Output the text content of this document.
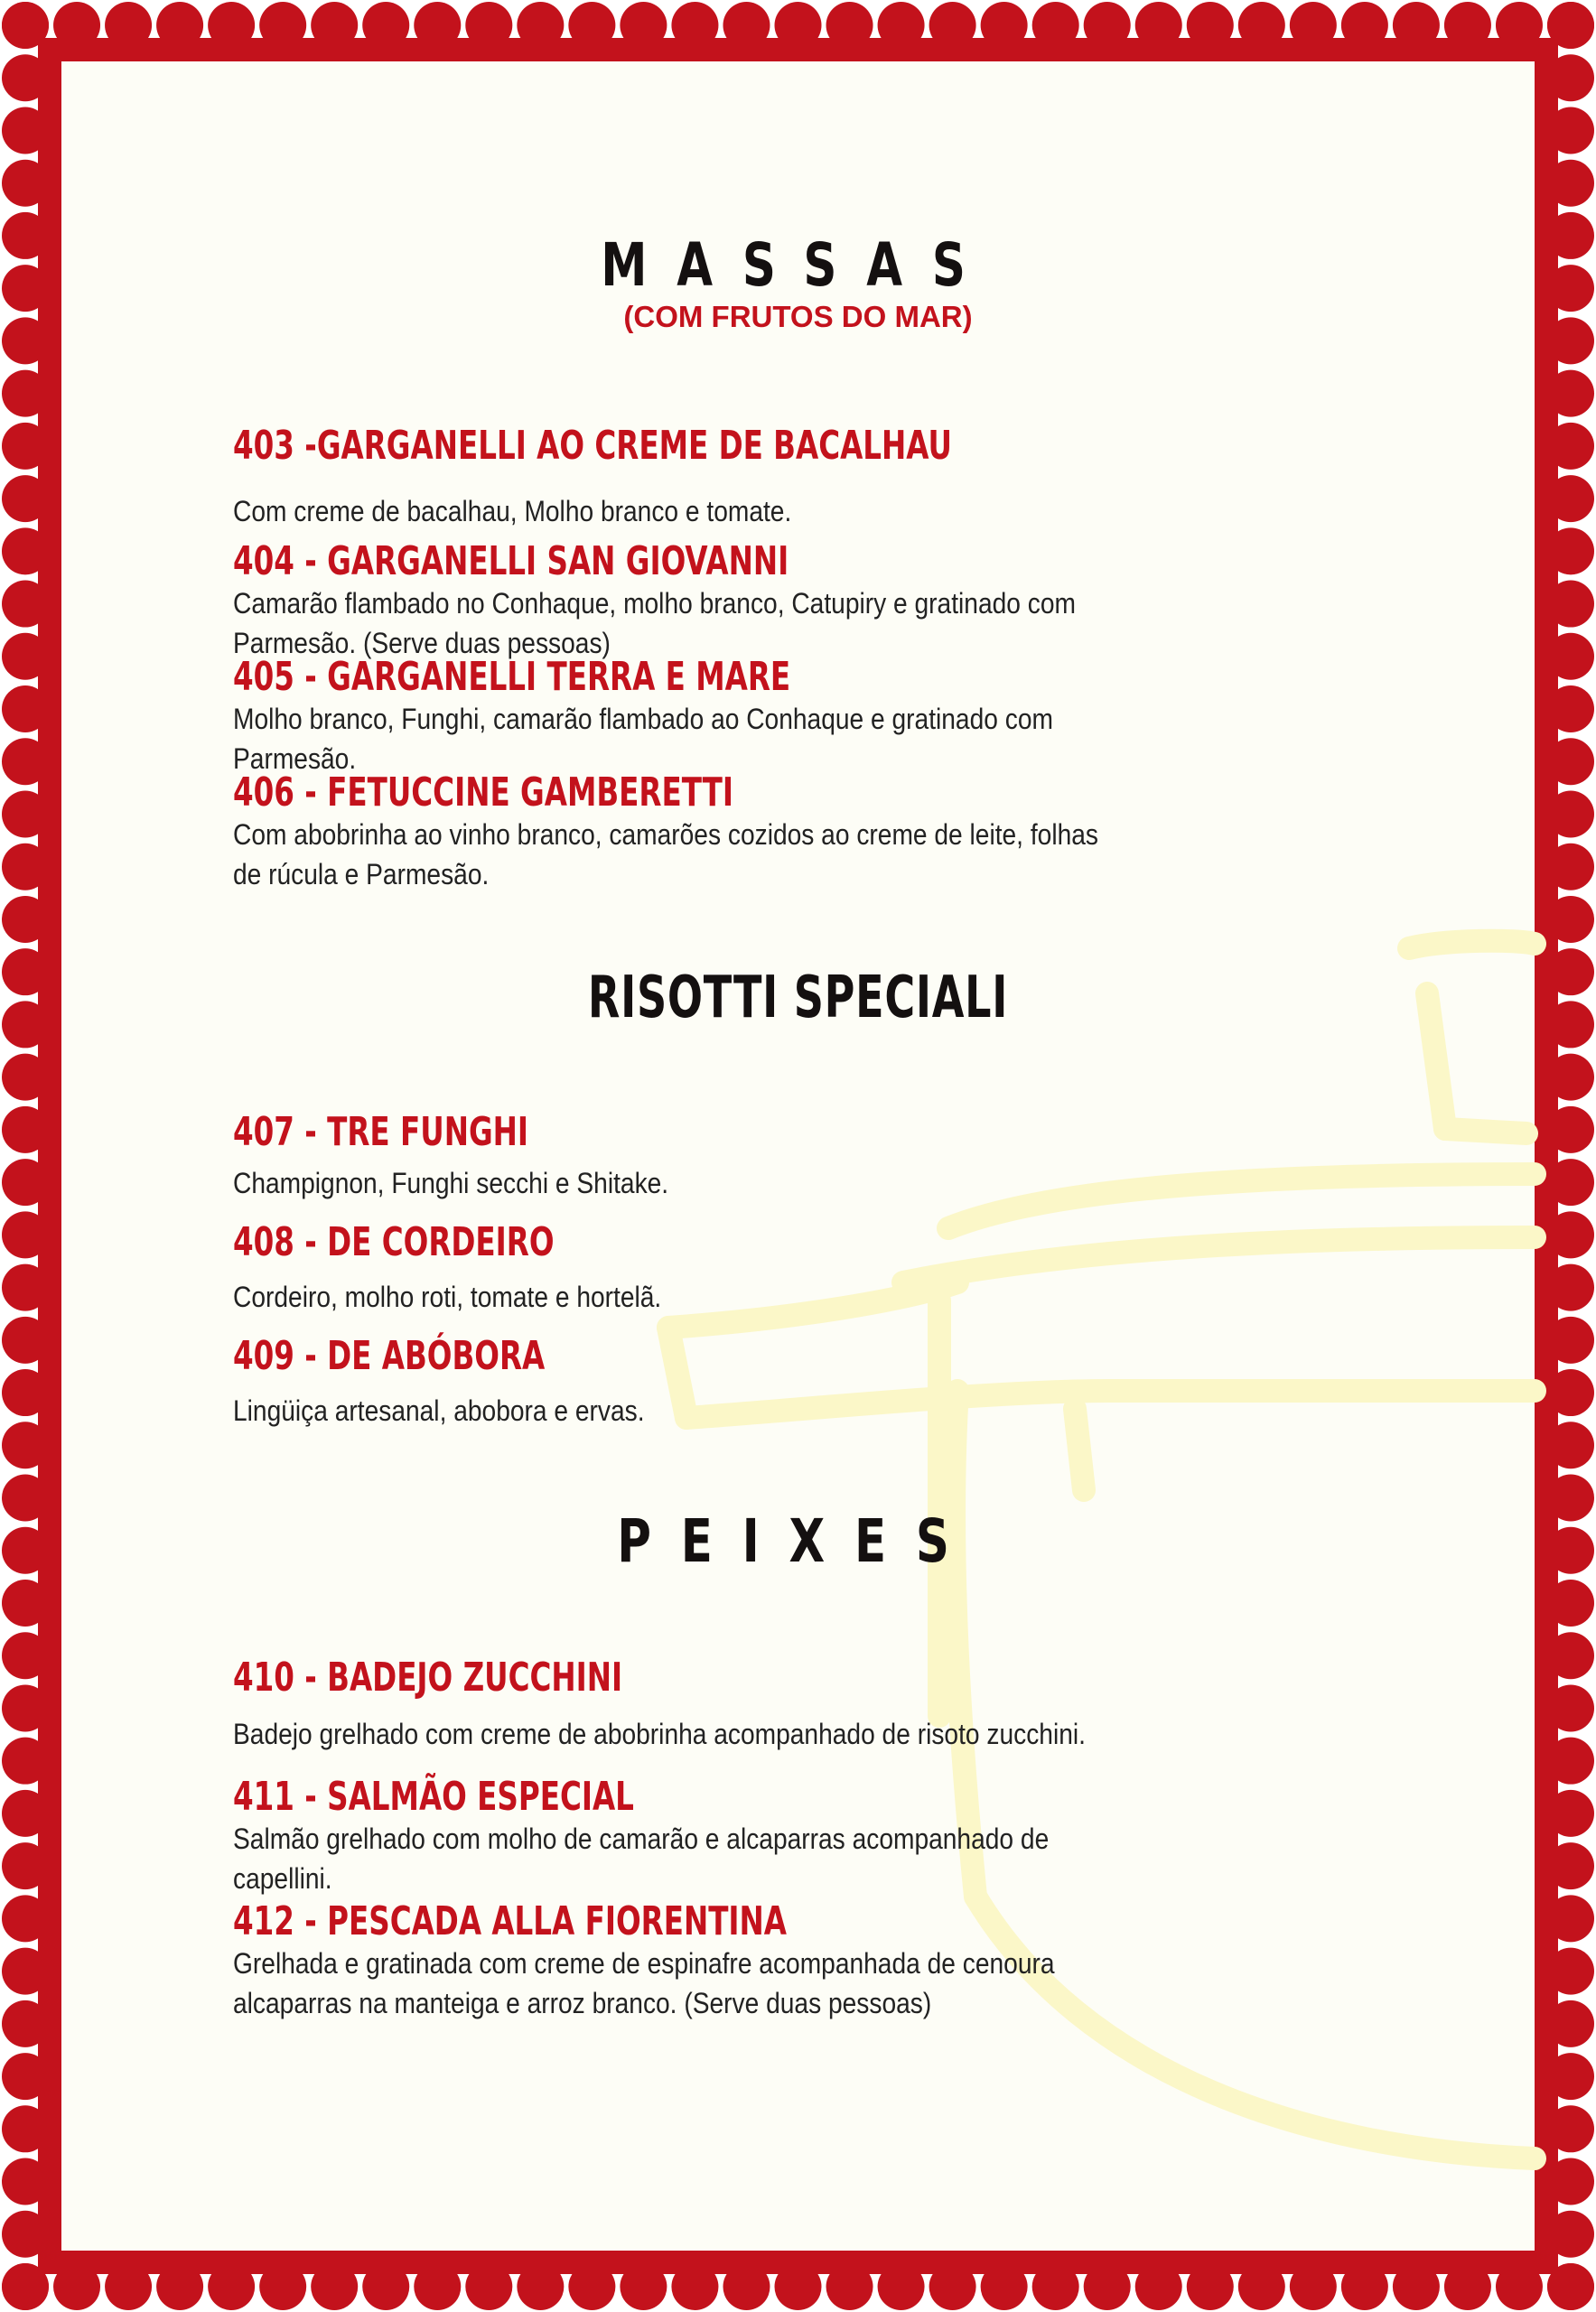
MASSAS
(COM FRUTOS DO MAR)
403 -GARGANELLI AO CREME DE BACALHAU
Com creme de bacalhau, Molho branco e tomate.
404 - GARGANELLI SAN GIOVANNI
Camarão flambado no Conhaque, molho branco, Catupiry e gratinado com
Parmesão. (Serve duas pessoas)
405 - GARGANELLI TERRA E MARE
Molho branco, Funghi, camarão flambado ao Conhaque e gratinado com
Parmesão.
406 - FETUCCINE GAMBERETTI
Com abobrinha ao vinho branco, camarões cozidos ao creme de leite, folhas
de rúcula e Parmesão.
RISOTTI SPECIALI
407 - TRE FUNGHI
Champignon, Funghi secchi e Shitake.
408 - DE CORDEIRO
Cordeiro, molho roti, tomate e hortelã.
409 - DE ABÓBORA
Lingüiça artesanal, abobora e ervas.
PEIXES
410 - BADEJO ZUCCHINI
Badejo grelhado com creme de abobrinha acompanhado de risoto zucchini.
411 - SALMÃO ESPECIAL
Salmão grelhado com molho de camarão e alcaparras acompanhado de
capellini.
412 - PESCADA ALLA FIORENTINA
Grelhada e gratinada com creme de espinafre acompanhada de cenoura
alcaparras na manteiga e arroz branco. (Serve duas pessoas)
